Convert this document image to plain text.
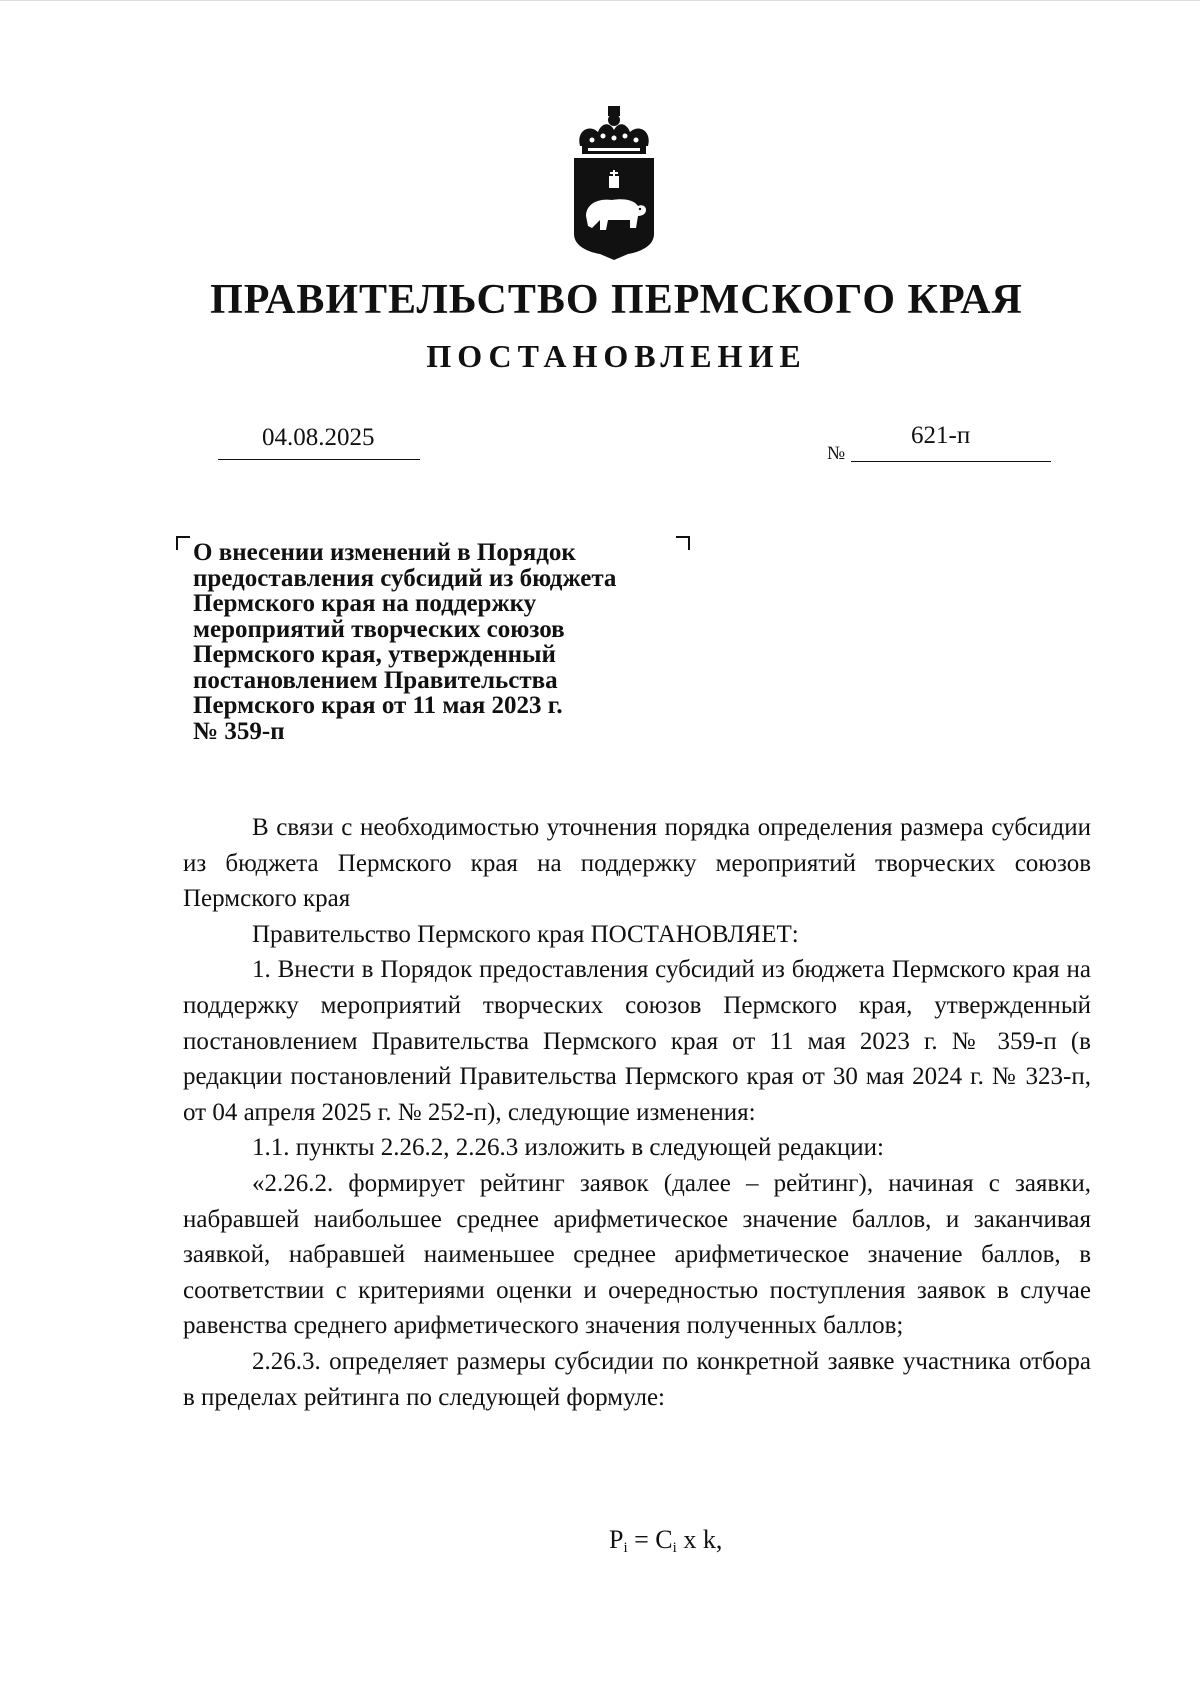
ПРАВИТЕЛЬСТВО ПЕРМСКОГО КРАЯ
ПОСТАНОВЛЕНИЕ
04.08.2025
№
621-п
О внесении изменений в Порядок
предоставления субсидий из бюджета
Пермского края на поддержку
мероприятий творческих союзов
Пермского края, утвержденный
постановлением Правительства
Пермского края от 11 мая 2023 г.
№ 359-п

В связи с необходимостью уточнения порядка определения размера субсидии из бюджета Пермского края на поддержку мероприятий творческих союзов Пермского края

Правительство Пермского края ПОСТАНОВЛЯЕТ:

1. Внести в Порядок предоставления субсидий из бюджета Пермского края на поддержку мероприятий творческих союзов Пермского края, утвержденный постановлением Правительства Пермского края от 11 мая 2023 г. № 359-п (в редакции постановлений Правительства Пермского края от 30 мая 2024 г. № 323-п, от 04 апреля 2025 г. № 252-п), следующие изменения:

1.1. пункты 2.26.2, 2.26.3 изложить в следующей редакции:

«2.26.2. формирует рейтинг заявок (далее – рейтинг), начиная с заявки, набравшей наибольшее среднее арифметическое значение баллов, и заканчивая заявкой, набравшей наименьшее среднее арифметическое значение баллов, в соответствии с критериями оценки и очередностью поступления заявок в случае равенства среднего арифметического значения полученных баллов;

2.26.3. определяет размеры субсидии по конкретной заявке участника отбора в пределах рейтинга по следующей формуле:

$P_i = C_i$ x k,
